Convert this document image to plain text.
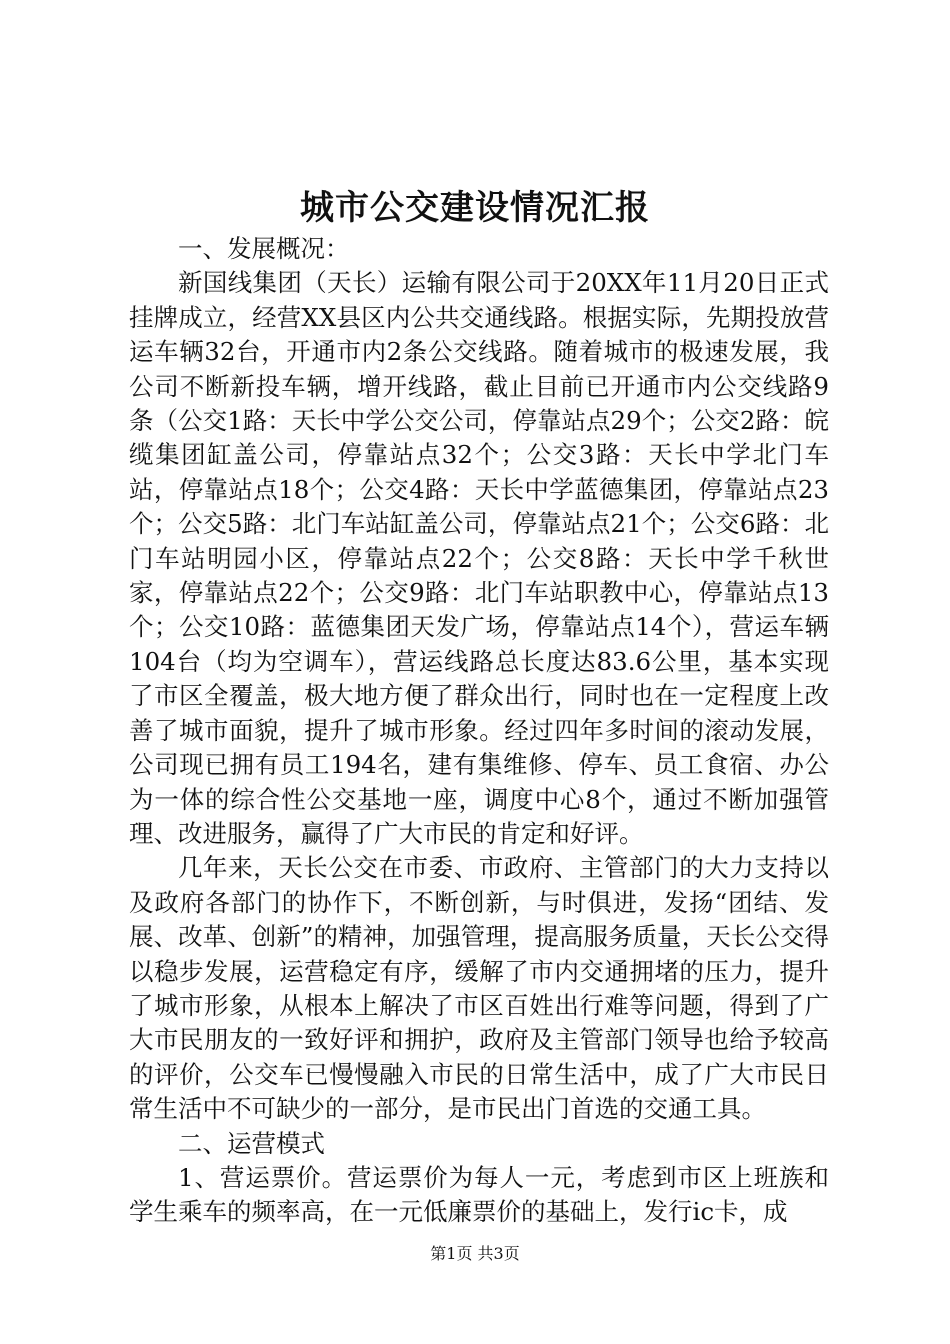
城市公交建设情况汇报

一、发展概况：

新国线集团（天长）运输有限公司于20XX年11月20日正式挂牌成立，经营XX县区内公共交通线路。根据实际，先期投放营运车辆32台，开通市内2条公交线路。随着城市的极速发展，我公司不断新投车辆，增开线路，截止目前已开通市内公交线路9条（公交1路：天长中学公交公司，停靠站点29个；公交2路：皖缆集团缸盖公司，停靠站点32个；公交3路：天长中学北门车站，停靠站点18个；公交4路：天长中学蓝德集团，停靠站点23个；公交5路：北门车站缸盖公司，停靠站点21个；公交6路：北门车站明园小区，停靠站点22个；公交8路：天长中学千秋世家，停靠站点22个；公交9路：北门车站职教中心，停靠站点13个；公交10路：蓝德集团天发广场，停靠站点14个），营运车辆104台（均为空调车），营运线路总长度达83.6公里，基本实现了市区全覆盖，极大地方便了群众出行，同时也在一定程度上改善了城市面貌，提升了城市形象。经过四年多时间的滚动发展，公司现已拥有员工194名，建有集维修、停车、员工食宿、办公为一体的综合性公交基地一座，调度中心8个，通过不断加强管理、改进服务，赢得了广大市民的肯定和好评。

几年来，天长公交在市委、市政府、主管部门的大力支持以及政府各部门的协作下，不断创新，与时俱进，发扬“团结、发展、改革、创新”的精神，加强管理，提高服务质量，天长公交得以稳步发展，运营稳定有序，缓解了市内交通拥堵的压力，提升了城市形象，从根本上解决了市区百姓出行难等问题，得到了广大市民朋友的一致好评和拥护，政府及主管部门领导也给予较高的评价，公交车已慢慢融入市民的日常生活中，成了广大市民日常生活中不可缺少的一部分，是市民出门首选的交通工具。

二、运营模式

1、营运票价。营运票价为每人一元，考虑到市区上班族和学生乘车的频率高，在一元低廉票价的基础上，发行ic卡，成

第1页 共3页
